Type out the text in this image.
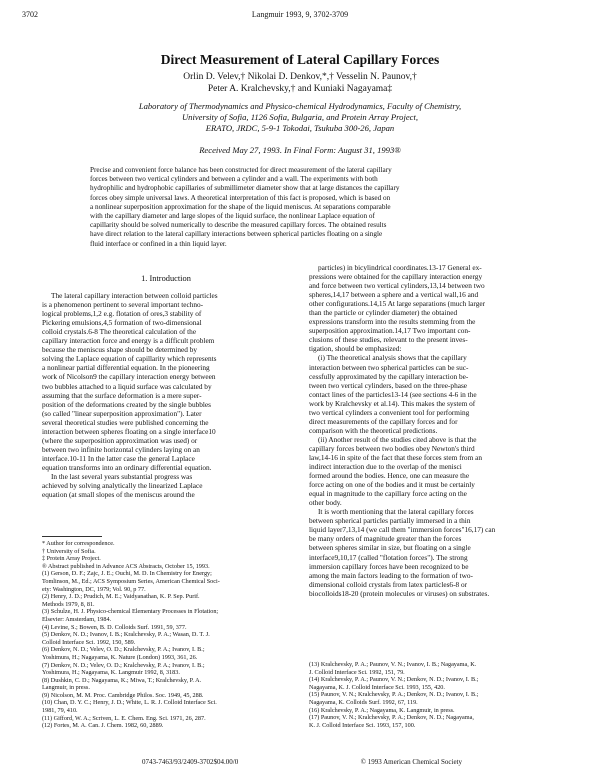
3702	Langmuir 1993, 9, 3702-3709
Direct Measurement of Lateral Capillary Forces
Orlin D. Velev,† Nikolai D. Denkov,*,† Vesselin N. Paunov,†
Peter A. Kralchevsky,† and Kuniaki Nagayama‡
Laboratory of Thermodynamics and Physico-chemical Hydrodynamics, Faculty of Chemistry,
University of Sofia, 1126 Sofia, Bulgaria, and Protein Array Project,
ERATO, JRDC, 5-9-1 Tokodai, Tsukuba 300-26, Japan
Received May 27, 1993. In Final Form: August 31, 1993®
Precise and convenient force balance has been constructed for direct measurement of the lateral capillary
forces between two vertical cylinders and between a cylinder and a wall. The experiments with both
hydrophilic and hydrophobic capillaries of submillimeter diameter show that at large distances the capillary
forces obey simple universal laws. A theoretical interpretation of this fact is proposed, which is based on
a nonlinear superposition approximation for the shape of the liquid meniscus. At separations comparable
with the capillary diameter and large slopes of the liquid surface, the nonlinear Laplace equation of
capillarity should be solved numerically to describe the measured capillary forces. The obtained results
have direct relation to the lateral capillary interactions between spherical particles floating on a single
fluid interface or confined in a thin liquid layer.
1. Introduction
The lateral capillary interaction between colloid particles
is a phenomenon pertinent to several important techno-
logical problems,1,2 e.g. flotation of ores,3 stability of
Pickering emulsions,4,5 formation of two-dimensional
colloid crystals.6-8 The theoretical calculation of the
capillary interaction force and energy is a difficult problem
because the meniscus shape should be determined by
solving the Laplace equation of capillarity which represents
a nonlinear partial differential equation. In the pioneering
work of Nicolson9 the capillary interaction energy between
two bubbles attached to a liquid surface was calculated by
assuming that the surface deformation is a mere super-
position of the deformations created by the single bubbles
(so called "linear superposition approximation"). Later
several theoretical studies were published concerning the
interaction between spheres floating on a single interface10
(where the superposition approximation was used) or
between two infinite horizontal cylinders laying on an
interface.10-11 In the latter case the general Laplace
equation transforms into an ordinary differential equation.
In the last several years substantial progress was
achieved by solving analytically the linearized Laplace
equation (at small slopes of the meniscus around the
* Author for correspondence.
† University of Sofia.
‡ Protein Array Project.
® Abstract published in Advance ACS Abstracts, October 15, 1993.
(1) Gerson, D. F.; Zajc, J. E.; Ouchi, M. D. In Chemistry for Energy;
Tomlinson, M., Ed.; ACS Symposium Series, American Chemical Soci-
ety: Washington, DC, 1979; Vol. 90, p 77.
(2) Henry, J. D.; Prudich, M. E.; Vaidyanathan, K. P. Sep. Purif.
Methods 1979, 8, 81.
(3) Schulze, H. J. Physico-chemical Elementary Processes in Flotation;
Elsevier: Amsterdam, 1984.
(4) Levine, S.; Bowen, B. D. Colloids Surf. 1991, 59, 377.
(5) Denkov, N. D.; Ivanov, I. B.; Kralchevsky, P. A.; Wasan, D. T. J.
Colloid Interface Sci. 1992, 150, 589.
(6) Denkov, N. D.; Velev, O. D.; Kralchevsky, P. A.; Ivanov, I. B.;
Yoshimura, H.; Nagayama, K. Nature (London) 1993, 361, 26.
(7) Denkov, N. D.; Velev, O. D.; Kralchevsky, P. A.; Ivanov, I. B.;
Yoshimura, H.; Nagayama, K. Langmuir 1992, 8, 3183.
(8) Dushkin, C. D.; Nagayama, K.; Miwa, T.; Kralchevsky, P. A.
Langmuir, in press.
(9) Nicolson, M. M. Proc. Cambridge Philos. Soc. 1949, 45, 288.
(10) Chan, D. Y. C.; Henry, J. D.; White, L. R. J. Colloid Interface Sci.
1981, 79, 410.
(11) Gifford, W. A.; Scriven, L. E. Chem. Eng. Sci. 1971, 26, 287.
(12) Fortes, M. A. Can. J. Chem. 1982, 60, 2889.
particles) in bicylindrical coordinates.13-17 General ex-
pressions were obtained for the capillary interaction energy
and force between two vertical cylinders,13,14 between two
spheres,14,17 between a sphere and a vertical wall,16 and
other configurations.14,15 At large separations (much larger
than the particle or cylinder diameter) the obtained
expressions transform into the results stemming from the
superposition approximation.14,17 Two important con-
clusions of these studies, relevant to the present inves-
tigation, should be emphasized:
(i) The theoretical analysis shows that the capillary
interaction between two spherical particles can be suc-
cessfully approximated by the capillary interaction be-
tween two vertical cylinders, based on the three-phase
contact lines of the particles13-14 (see sections 4-6 in the
work by Kralchevsky et al.14). This makes the system of
two vertical cylinders a convenient tool for performing
direct measurements of the capillary forces and for
comparison with the theoretical predictions.
(ii) Another result of the studies cited above is that the
capillary forces between two bodies obey Newton's third
law,14-16 in spite of the fact that these forces stem from an
indirect interaction due to the overlap of the menisci
formed around the bodies. Hence, one can measure the
force acting on one of the bodies and it must be certainly
equal in magnitude to the capillary force acting on the
other body.
It is worth mentioning that the lateral capillary forces
between spherical particles partially immersed in a thin
liquid layer7,13,14 (we call them "immersion forces"16,17) can
be many orders of magnitude greater than the forces
between spheres similar in size, but floating on a single
interface9,10,17 (called "flotation forces"). The strong
immersion capillary forces have been recognized to be
among the main factors leading to the formation of two-
dimensional colloid crystals from latex particles6-8 or
biocolloids18-20 (protein molecules or viruses) on substrates.
(13) Kralchevsky, P. A.; Paunov, V. N.; Ivanov, I. B.; Nagayama, K.
J. Colloid Interface Sci. 1992, 151, 79.
(14) Kralchevsky, P. A.; Paunov, V. N.; Denkov, N. D.; Ivanov, I. B.;
Nagayama, K. J. Colloid Interface Sci. 1993, 155, 420.
(15) Paunov, V. N.; Kralchevsky, P. A.; Denkov, N. D.; Ivanov, I. B.;
Nagayama, K. Colloids Surf. 1992, 67, 119.
(16) Kralchevsky, P. A.; Nagayama, K. Langmuir, in press.
(17) Paunov, V. N.; Kralchevsky, P. A.; Denkov, N. D.; Nagayama,
K. J. Colloid Interface Sci. 1993, 157, 100.
0743-7463/93/2409-3702$04.00/0	© 1993 American Chemical Society
